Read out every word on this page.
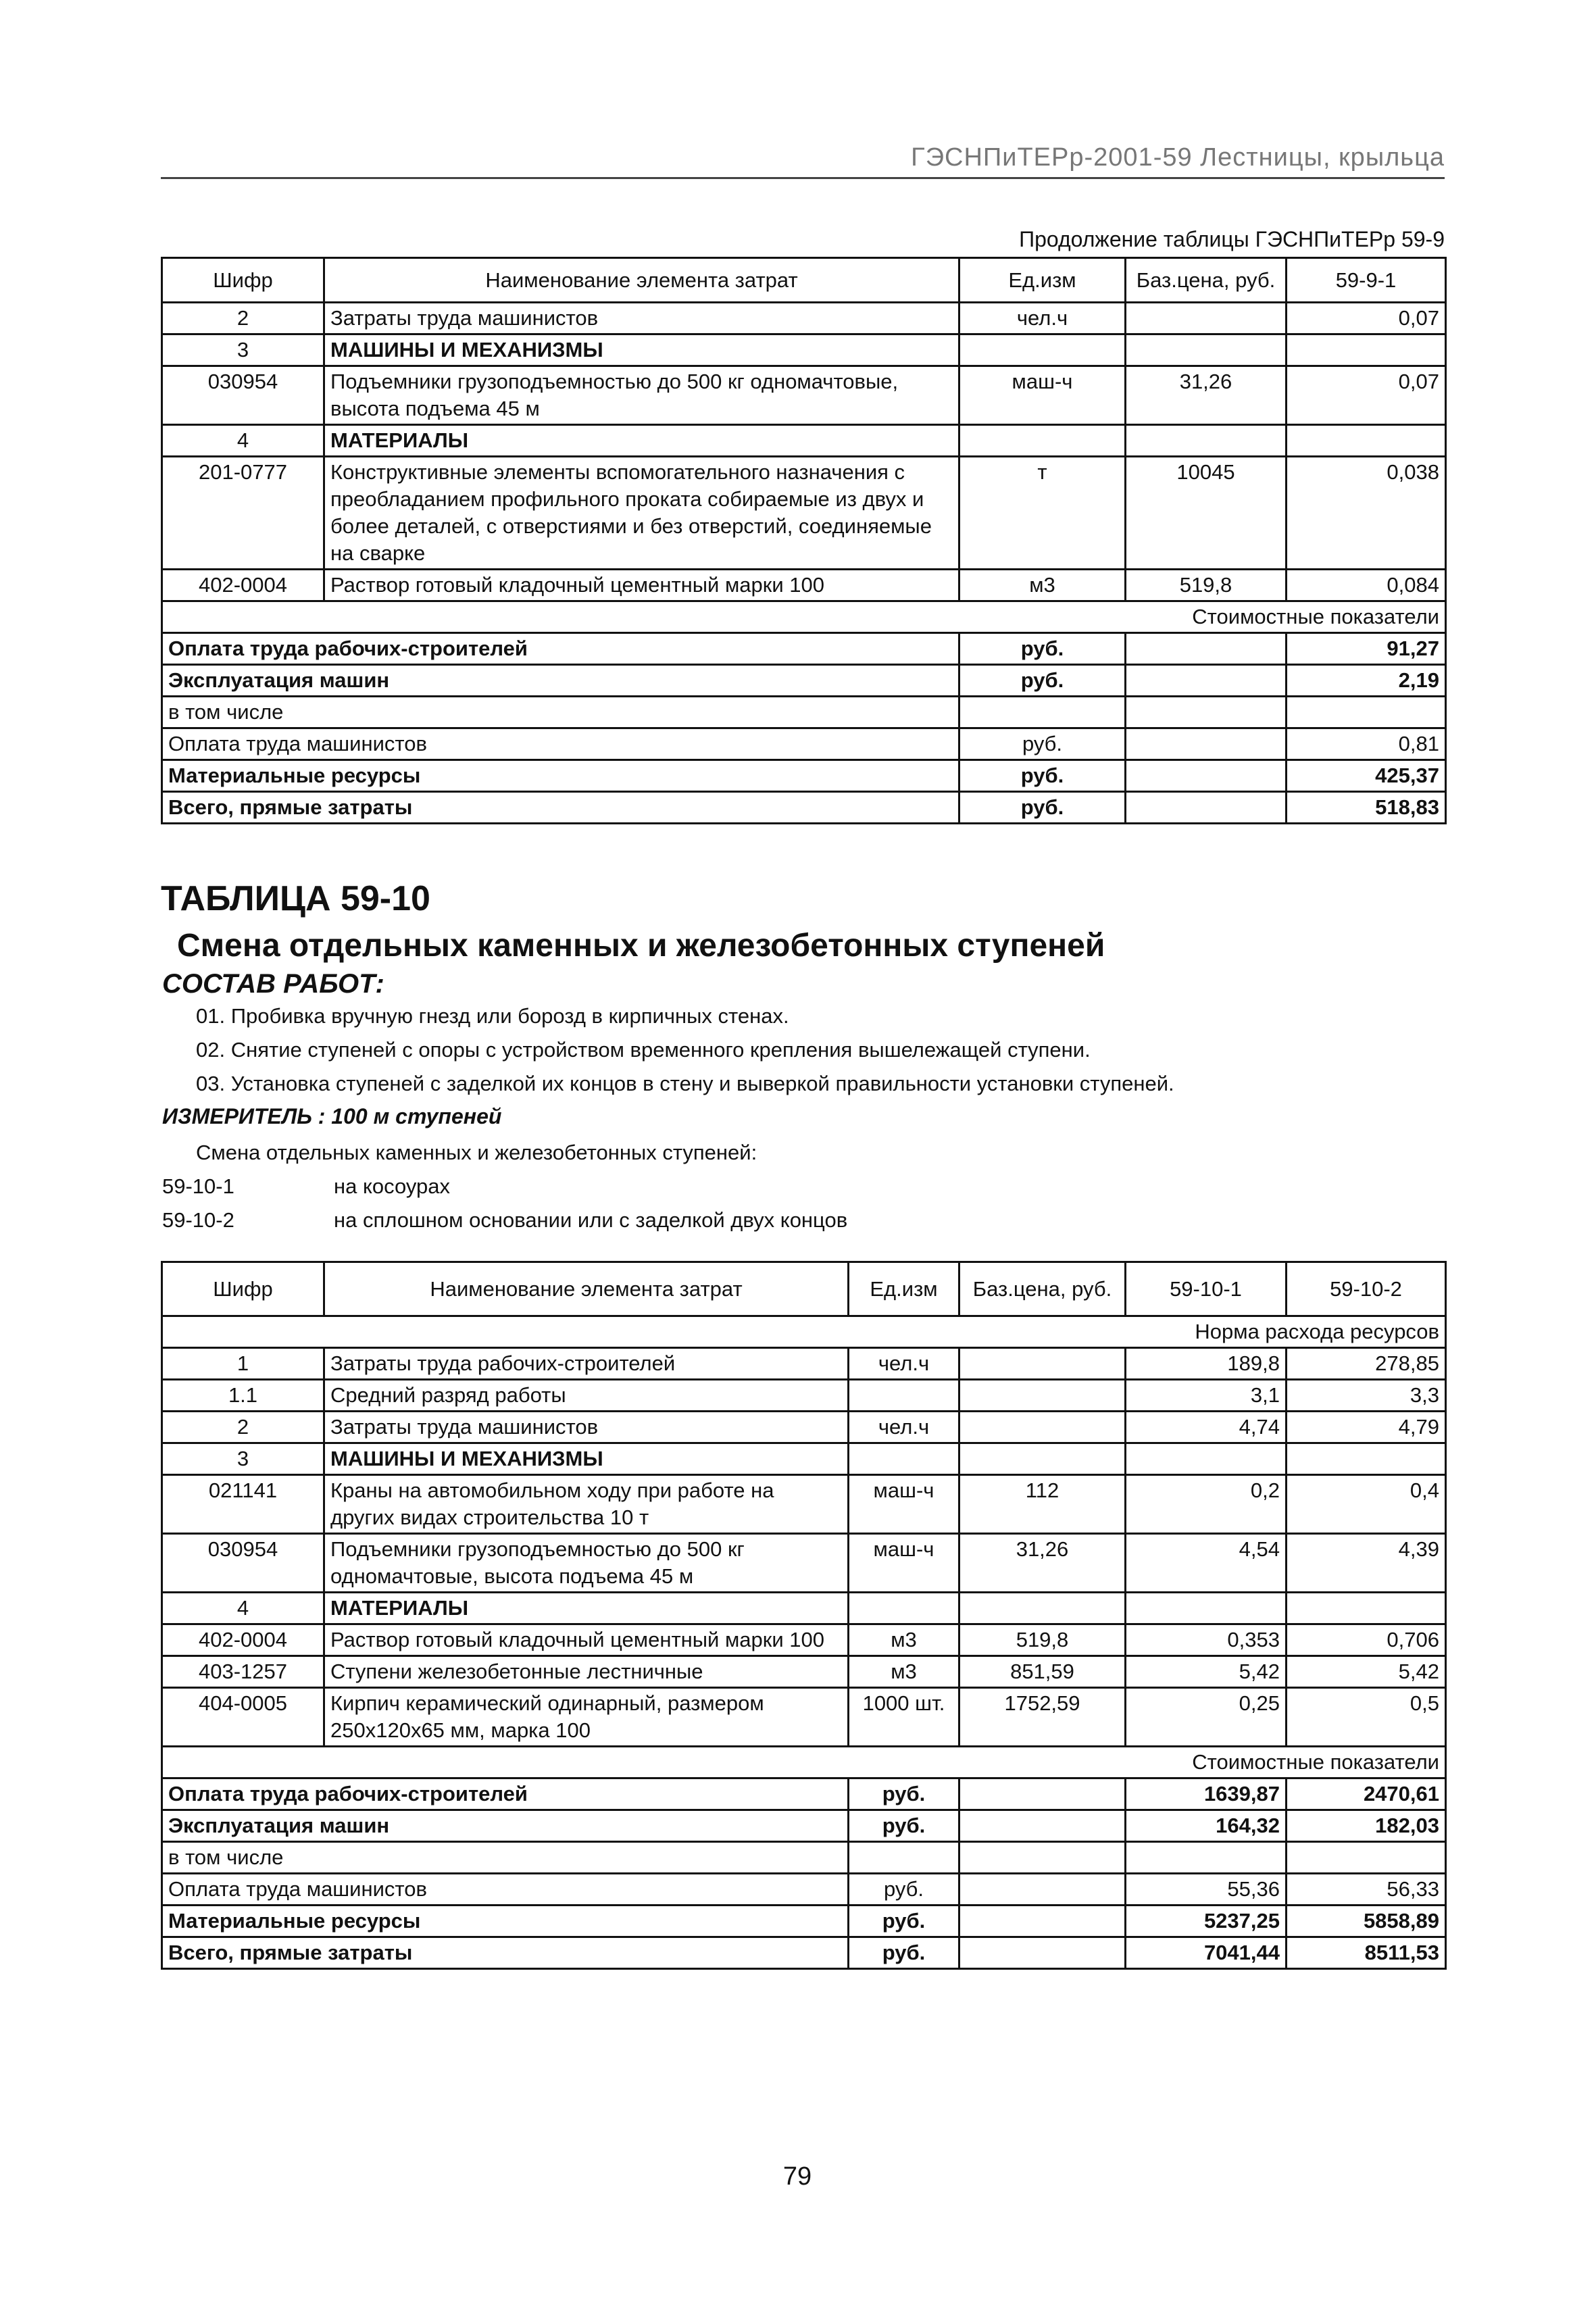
ГЭСНПиТЕРр-2001-59 Лестницы, крыльца
Продолжение таблицы ГЭСНПиТЕРр 59-9
Шифр	Наименование элемента затрат	Ед.изм	Баз.цена, руб.	59-9-1
2	Затраты труда машинистов	чел.ч		0,07
3	МАШИНЫ И МЕХАНИЗМЫ			
030954	Подъемники грузоподъемностью до 500 кг одномачтовые, высота подъема 45 м	маш-ч	31,26	0,07
4	МАТЕРИАЛЫ			
201-0777	Конструктивные элементы вспомогательного назначения с преобладанием профильного проката собираемые из двух и более деталей, с отверстиями и без отверстий, соединяемые на сварке	т	10045	0,038
402-0004	Раствор готовый кладочный цементный марки 100	м3	519,8	0,084
Стоимостные показатели				
Оплата труда рабочих-строителей		руб.		91,27
Эксплуатация машин		руб.		2,19
в том числе				
Оплата труда машинистов		руб.		0,81
Материальные ресурсы		руб.		425,37
Всего, прямые затраты		руб.		518,83
ТАБЛИЦА 59-10
Смена отдельных каменных и железобетонных ступеней
СОСТАВ РАБОТ:
01. Пробивка вручную гнезд или борозд в кирпичных стенах.
02. Снятие ступеней с опоры с устройством временного крепления вышележащей ступени.
03. Установка ступеней с заделкой их концов в стену и выверкой правильности установки ступеней.
ИЗМЕРИТЕЛЬ : 100 м ступеней
Смена отдельных каменных и железобетонных ступеней:
59-10-1	на косоурах
59-10-2	на сплошном основании или с заделкой двух концов
Шифр	Наименование элемента затрат	Ед.изм	Баз.цена, руб.	59-10-1	59-10-2
Норма расхода ресурсов					
1	Затраты труда рабочих-строителей	чел.ч		189,8	278,85
1.1	Средний разряд работы			3,1	3,3
2	Затраты труда машинистов	чел.ч		4,74	4,79
3	МАШИНЫ И МЕХАНИЗМЫ				
021141	Краны на автомобильном ходу при работе на других видах строительства 10 т	маш-ч	112	0,2	0,4
030954	Подъемники грузоподъемностью до 500 кг одномачтовые, высота подъема 45 м	маш-ч	31,26	4,54	4,39
4	МАТЕРИАЛЫ				
402-0004	Раствор готовый кладочный цементный марки 100	м3	519,8	0,353	0,706
403-1257	Ступени железобетонные лестничные	м3	851,59	5,42	5,42
404-0005	Кирпич керамический одинарный, размером 250х120х65 мм, марка 100	1000 шт.	1752,59	0,25	0,5
Стоимостные показатели					
Оплата труда рабочих-строителей		руб.		1639,87	2470,61
Эксплуатация машин		руб.		164,32	182,03
в том числе					
Оплата труда машинистов		руб.		55,36	56,33
Материальные ресурсы		руб.		5237,25	5858,89
Всего, прямые затраты		руб.		7041,44	8511,53
79
